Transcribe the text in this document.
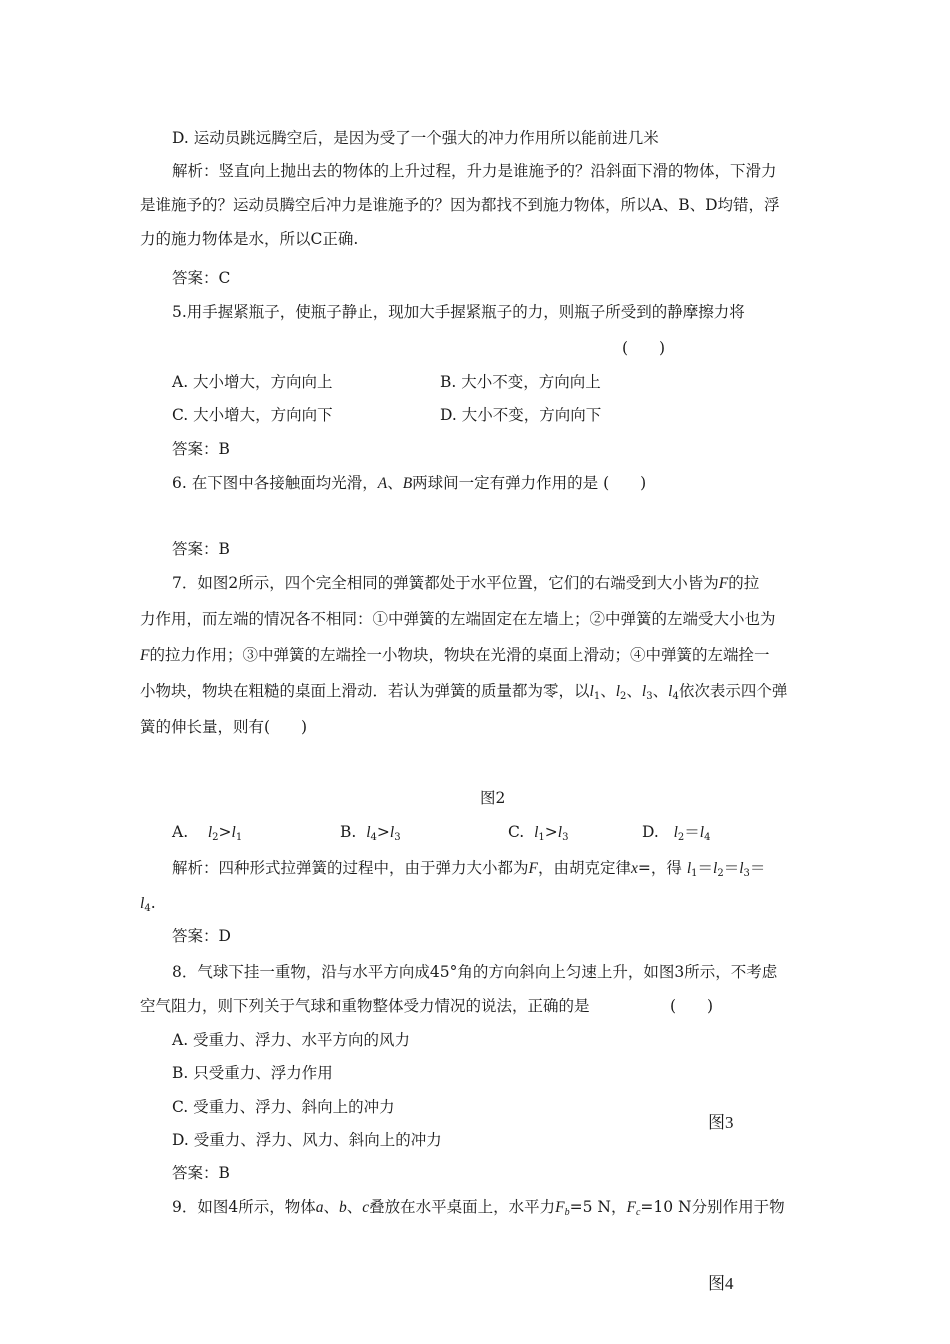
D. 运动员跳远腾空后，是因为受了一个强大的冲力作用所以能前进几米
解析：竖直向上抛出去的物体的上升过程，升力是谁施予的？沿斜面下滑的物体，下滑力
是谁施予的？运动员腾空后冲力是谁施予的？因为都找不到施力物体，所以A、B、D均错，浮
力的施力物体是水，所以C正确.
答案：C
5.用手握紧瓶子，使瓶子静止，现加大手握紧瓶子的力，则瓶子所受到的静摩擦力将
(　　)
A. 大小增大，方向向上	B. 大小不变，方向向上
C. 大小增大，方向向下	D. 大小不变，方向向下
答案：B
6. 在下图中各接触面均光滑，A、B两球间一定有弹力作用的是 (　　)
答案：B
7．如图2所示，四个完全相同的弹簧都处于水平位置，它们的右端受到大小皆为F的拉
力作用，而左端的情况各不相同：①中弹簧的左端固定在左墙上；②中弹簧的左端受大小也为
F的拉力作用；③中弹簧的左端拴一小物块，物块在光滑的桌面上滑动；④中弹簧的左端拴一
小物块，物块在粗糙的桌面上滑动．若认为弹簧的质量都为零，以$l_1$、$l_2$、$l_3$、$l_4$依次表示四个弹
簧的伸长量，则有(　　)
图2
A. $l_2>l_1$	B. $l_4>l_3$	C. $l_1>l_3$	D. $l_2=l_4$
解析：四种形式拉弹簧的过程中，由于弹力大小都为F，由胡克定律x=，得 $l_1=l_2=l_3=$
$l_4$.
答案：D
8．气球下挂一重物，沿与水平方向成45°角的方向斜向上匀速上升，如图3所示，不考虑
空气阻力，则下列关于气球和重物整体受力情况的说法，正确的是	(　　)
A. 受重力、浮力、水平方向的风力
B. 只受重力、浮力作用
C. 受重力、浮力、斜向上的冲力
图3
D. 受重力、浮力、风力、斜向上的冲力
答案：B
9．如图4所示，物体a、b、c叠放在水平桌面上，水平力$F_b=5$ N，$F_c=10$ N分别作用于物
图4
